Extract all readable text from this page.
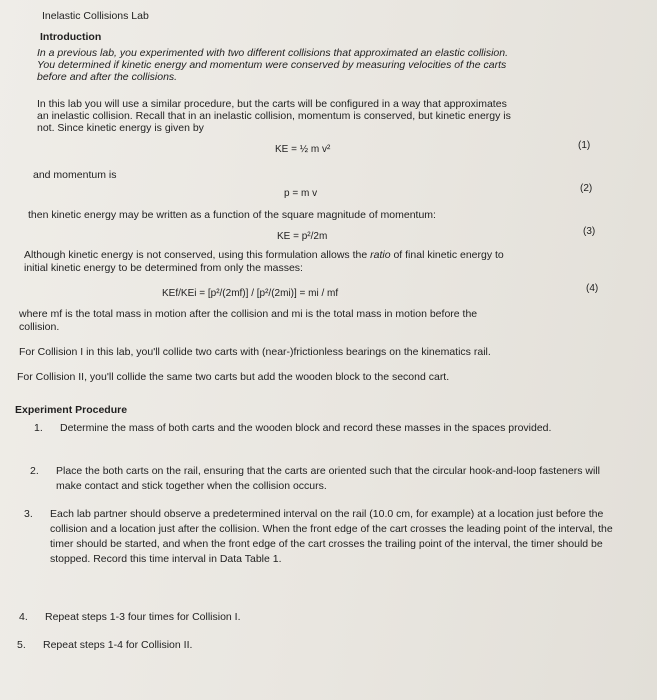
Inelastic Collisions Lab
Introduction
In a previous lab, you experimented with two different collisions that approximated an elastic collision.
You determined if kinetic energy and momentum were conserved by measuring velocities of the carts
before and after the collisions.
In this lab you will use a similar procedure, but the carts will be configured in a way that approximates
an inelastic collision. Recall that in an inelastic collision, momentum is conserved, but kinetic energy is
not. Since kinetic energy is given by
KE = ½ m v²	(1)
and momentum is
p = m v	(2)
then kinetic energy may be written as a function of the square magnitude of momentum:
KE = p²/2m	(3)
Although kinetic energy is not conserved, using this formulation allows the ratio of final kinetic energy to
initial kinetic energy to be determined from only the masses:
KEf/KEi = [p²/(2mf)] / [p²/(2mi)] = mi / mf	(4)
where mf is the total mass in motion after the collision and mi is the total mass in motion before the
collision.
For Collision I in this lab, you'll collide two carts with (near-)frictionless bearings on the kinematics rail.
For Collision II, you'll collide the same two carts but add the wooden block to the second cart.
Experiment Procedure
1. Determine the mass of both carts and the wooden block and record these masses in the spaces provided.
2. Place the both carts on the rail, ensuring that the carts are oriented such that the circular hook-and-loop fasteners will make contact and stick together when the collision occurs.
3. Each lab partner should observe a predetermined interval on the rail (10.0 cm, for example) at a location just before the collision and a location just after the collision. When the front edge of the cart crosses the leading point of the interval, the timer should be started, and when the front edge of the cart crosses the trailing point of the interval, the timer should be stopped. Record this time interval in Data Table 1.
4. Repeat steps 1-3 four times for Collision I.
5. Repeat steps 1-4 for Collision II.
